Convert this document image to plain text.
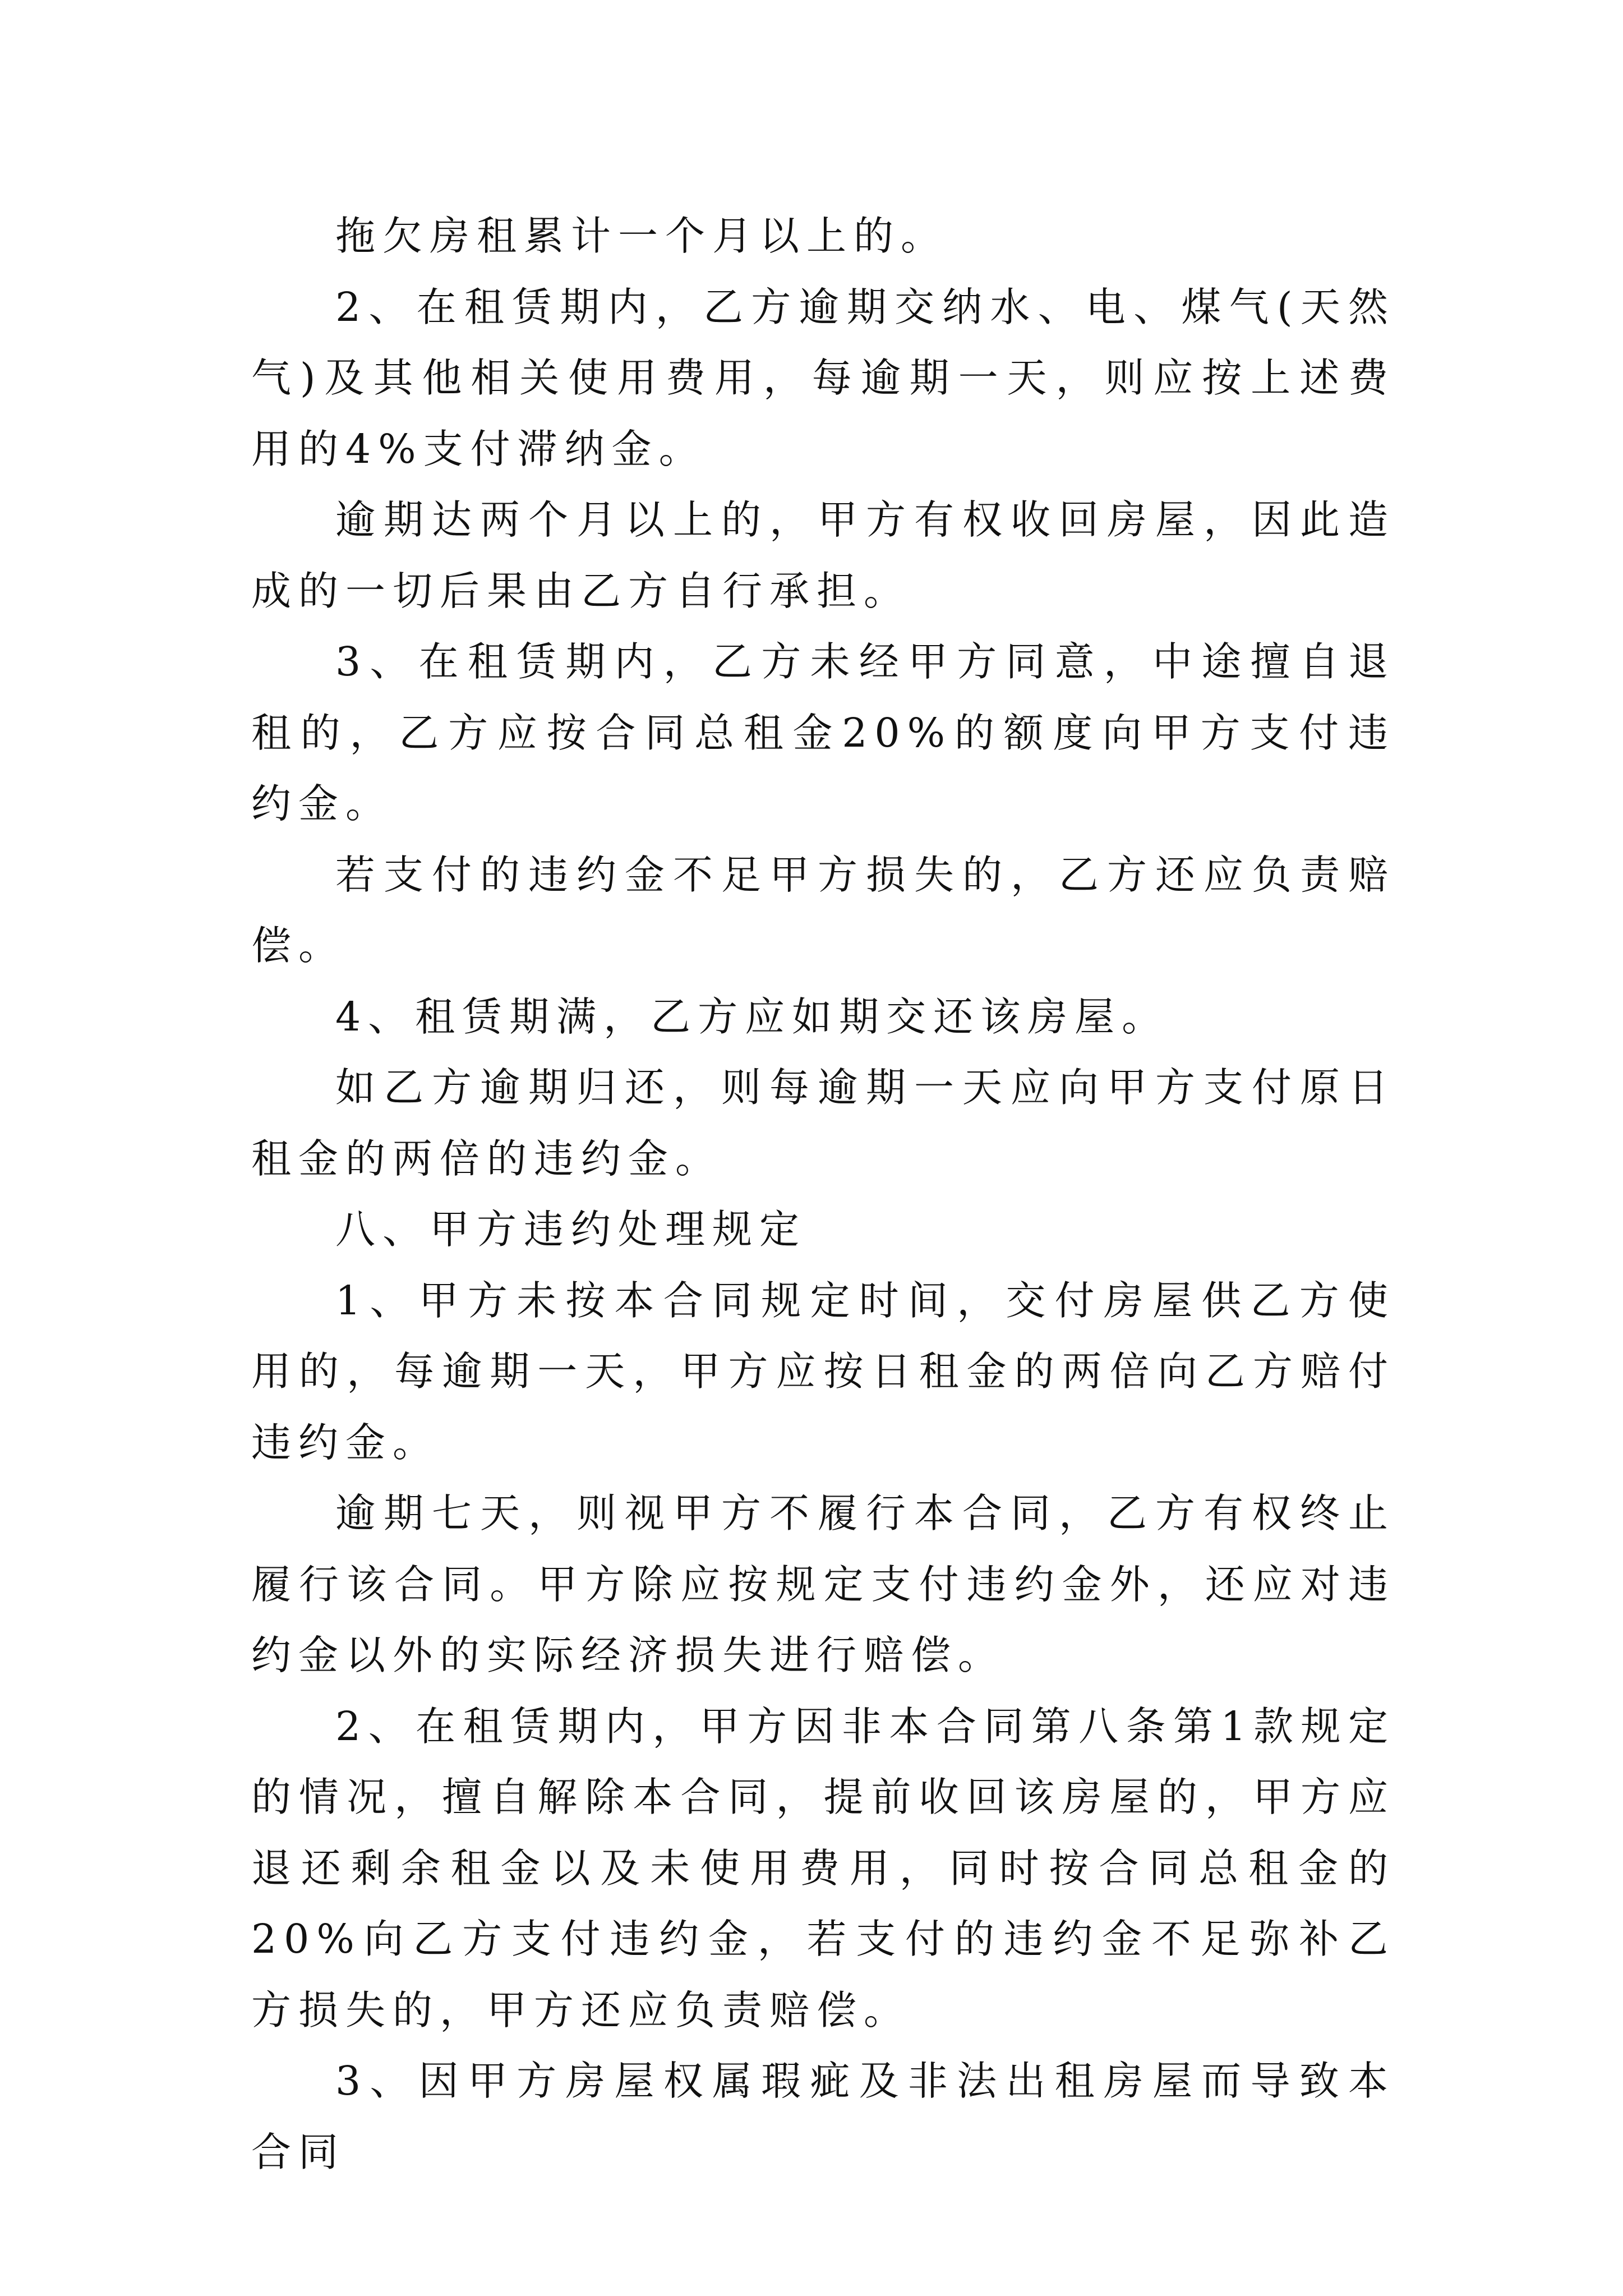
拖欠房租累计一个月以上的。

2、在租赁期内，乙方逾期交纳水、电、煤气(天然气)及其他相关使用费用，每逾期一天，则应按上述费用的4%支付滞纳金。

逾期达两个月以上的，甲方有权收回房屋，因此造成的一切后果由乙方自行承担。

3、在租赁期内，乙方未经甲方同意，中途擅自退租的，乙方应按合同总租金20%的额度向甲方支付违约金。

若支付的违约金不足甲方损失的，乙方还应负责赔偿。

4、租赁期满，乙方应如期交还该房屋。

如乙方逾期归还，则每逾期一天应向甲方支付原日租金的两倍的违约金。

八、甲方违约处理规定

1、甲方未按本合同规定时间，交付房屋供乙方使用的，每逾期一天，甲方应按日租金的两倍向乙方赔付违约金。

逾期七天，则视甲方不履行本合同，乙方有权终止履行该合同。甲方除应按规定支付违约金外，还应对违约金以外的实际经济损失进行赔偿。

2、在租赁期内，甲方因非本合同第八条第1款规定的情况，擅自解除本合同，提前收回该房屋的，甲方应退还剩余租金以及未使用费用，同时按合同总租金的20%向乙方支付违约金，若支付的违约金不足弥补乙方损失的，甲方还应负责赔偿。

3、因甲方房屋权属瑕疵及非法出租房屋而导致本合同
